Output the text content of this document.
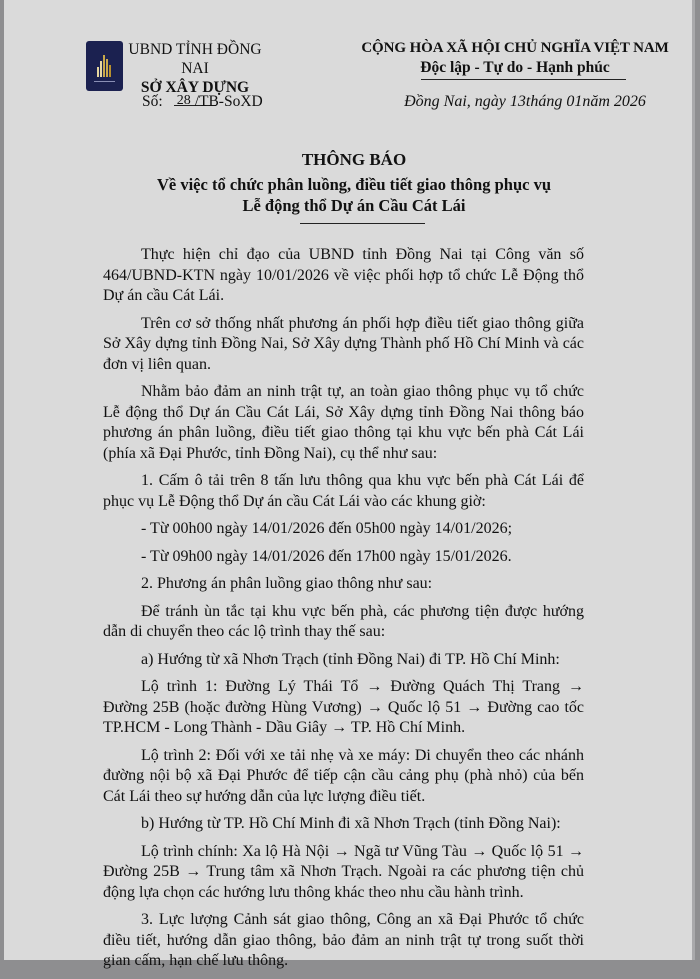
UBND TỈNH ĐỒNG NAI
SỞ XÂY DỰNG
Số: 28 /TB-SoXD
CỘNG HÒA XÃ HỘI CHỦ NGHĨA VIỆT NAM
Độc lập - Tự do - Hạnh phúc
Đồng Nai, ngày 13tháng 01năm 2026
THÔNG BÁO
Về việc tổ chức phân luồng, điều tiết giao thông phục vụ
Lễ động thổ Dự án Cầu Cát Lái

Thực hiện chỉ đạo của UBND tỉnh Đồng Nai tại Công văn số 464/UBND-KTN ngày 10/01/2026 về việc phối hợp tổ chức Lễ Động thổ Dự án cầu Cát Lái.

Trên cơ sở thống nhất phương án phối hợp điều tiết giao thông giữa Sở Xây dựng tỉnh Đồng Nai, Sở Xây dựng Thành phố Hồ Chí Minh và các đơn vị liên quan.

Nhằm bảo đảm an ninh trật tự, an toàn giao thông phục vụ tổ chức Lễ động thổ Dự án Cầu Cát Lái, Sở Xây dựng tỉnh Đồng Nai thông báo phương án phân luồng, điều tiết giao thông tại khu vực bến phà Cát Lái (phía xã Đại Phước, tỉnh Đồng Nai), cụ thể như sau:

1. Cấm ô tải trên 8 tấn lưu thông qua khu vực bến phà Cát Lái để phục vụ Lễ Động thổ Dự án cầu Cát Lái vào các khung giờ:

- Từ 00h00 ngày 14/01/2026 đến 05h00 ngày 14/01/2026;

- Từ 09h00 ngày 14/01/2026 đến 17h00 ngày 15/01/2026.

2. Phương án phân luồng giao thông như sau:

Để tránh ùn tắc tại khu vực bến phà, các phương tiện được hướng dẫn di chuyển theo các lộ trình thay thế sau:

a) Hướng từ xã Nhơn Trạch (tỉnh Đồng Nai) đi TP. Hồ Chí Minh:

Lộ trình 1: Đường Lý Thái Tổ → Đường Quách Thị Trang → Đường 25B (hoặc đường Hùng Vương) → Quốc lộ 51 → Đường cao tốc TP.HCM - Long Thành - Dầu Giây → TP. Hồ Chí Minh.

Lộ trình 2: Đối với xe tải nhẹ và xe máy: Di chuyển theo các nhánh đường nội bộ xã Đại Phước để tiếp cận cầu cảng phụ (phà nhỏ) của bến Cát Lái theo sự hướng dẫn của lực lượng điều tiết.

b) Hướng từ TP. Hồ Chí Minh đi xã Nhơn Trạch (tỉnh Đồng Nai):

Lộ trình chính: Xa lộ Hà Nội → Ngã tư Vũng Tàu → Quốc lộ 51 → Đường 25B → Trung tâm xã Nhơn Trạch. Ngoài ra các phương tiện chủ động lựa chọn các hướng lưu thông khác theo nhu cầu hành trình.

3. Lực lượng Cảnh sát giao thông, Công an xã Đại Phước tổ chức điều tiết, hướng dẫn giao thông, bảo đảm an ninh trật tự trong suốt thời gian cấm, hạn chế lưu thông.
